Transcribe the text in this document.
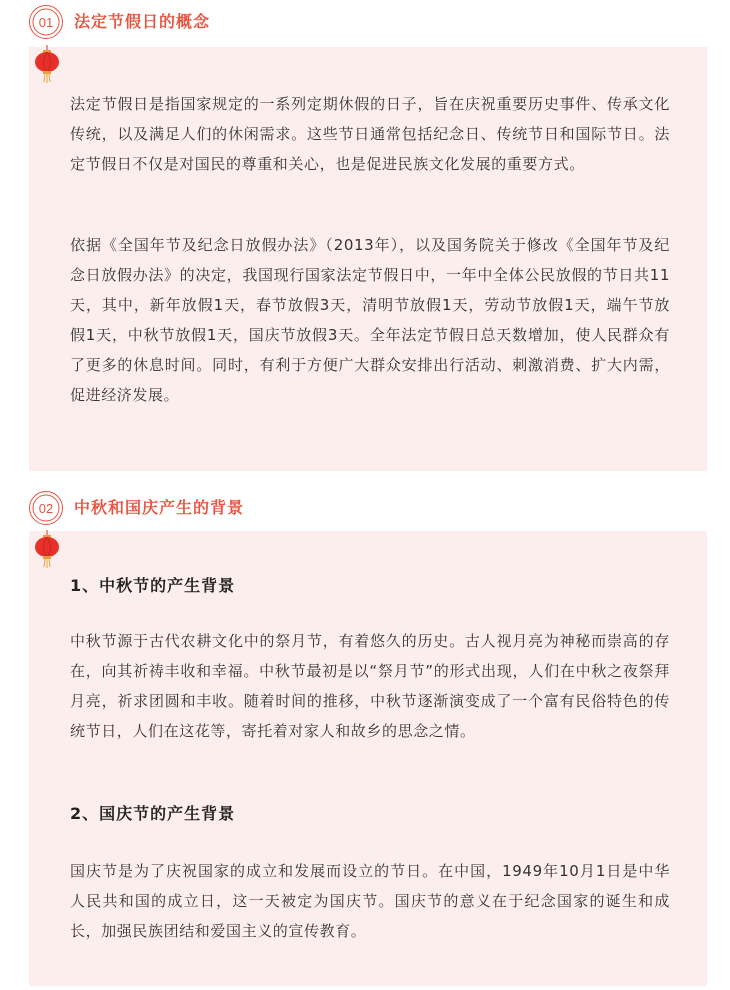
法定节假日是指国家规定的一系列定期休假的日子，旨在庆祝重要历史事件、传承文化传统，以及满足人们的休闲需求。这些节日通常包括纪念日、传统节日和国际节日。法定节假日不仅是对国民的尊重和关心，也是促进民族文化发展的重要方式。

依据《全国年节及纪念日放假办法》（2013年），以及国务院关于修改《全国年节及纪念日放假办法》的决定，我国现行国家法定节假日中，一年中全体公民放假的节日共11天，其中，新年放假1天，春节放假3天，清明节放假1天，劳动节放假1天，端午节放假1天，中秋节放假1天，国庆节放假3天。全年法定节假日总天数增加，使人民群众有了更多的休息时间。同时，有利于方便广大群众安排出行活动、刺激消费、扩大内需，促进经济发展。

01 法定节假日的概念
1、中秋节的产生背景

中秋节源于古代农耕文化中的祭月节，有着悠久的历史。古人视月亮为神秘而崇高的存在，向其祈祷丰收和幸福。中秋节最初是以“祭月节”的形式出现，人们在中秋之夜祭拜月亮，祈求团圆和丰收。随着时间的推移，中秋节逐渐演变成了一个富有民俗特色的传统节日，人们在这花等，寄托着对家人和故乡的思念之情。

2、国庆节的产生背景

国庆节是为了庆祝国家的成立和发展而设立的节日。在中国，1949年10月1日是中华人民共和国的成立日，这一天被定为国庆节。国庆节的意义在于纪念国家的诞生和成长，加强民族团结和爱国主义的宣传教育。

02 中秋和国庆产生的背景
